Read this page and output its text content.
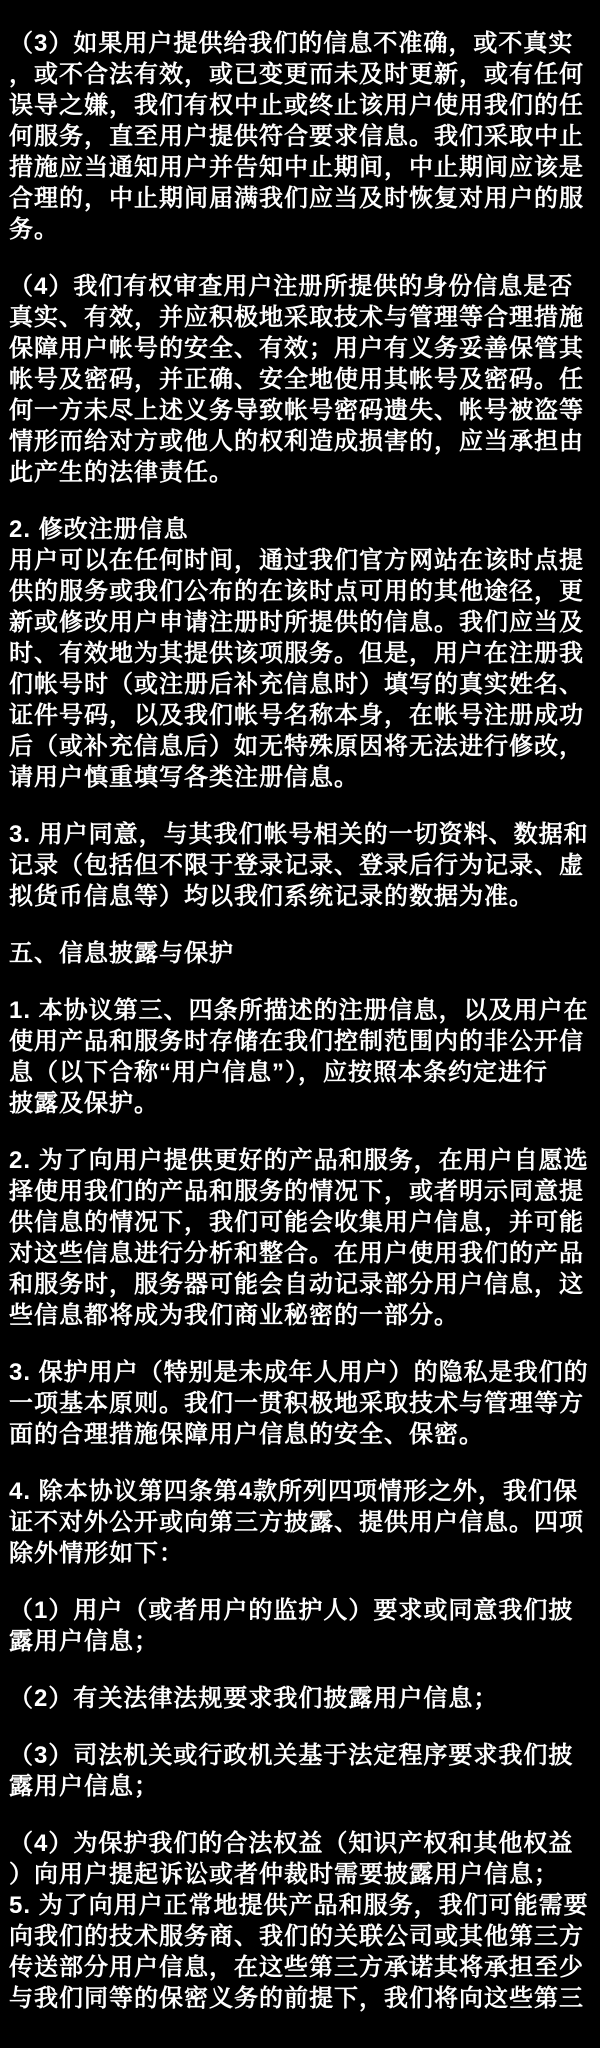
（3）如果用户提供给我们的信息不准确，或不真实
，或不合法有效，或已变更而未及时更新，或有任何
误导之嫌，我们有权中止或终止该用户使用我们的任
何服务，直至用户提供符合要求信息。我们采取中止
措施应当通知用户并告知中止期间，中止期间应该是
合理的，中止期间届满我们应当及时恢复对用户的服
务。
（4）我们有权审查用户注册所提供的身份信息是否
真实、有效，并应积极地采取技术与管理等合理措施
保障用户帐号的安全、有效；用户有义务妥善保管其
帐号及密码，并正确、安全地使用其帐号及密码。任
何一方未尽上述义务导致帐号密码遗失、帐号被盗等
情形而给对方或他人的权利造成损害的，应当承担由
此产生的法律责任。
2. 修改注册信息
用户可以在任何时间，通过我们官方网站在该时点提
供的服务或我们公布的在该时点可用的其他途径，更
新或修改用户申请注册时所提供的信息。我们应当及
时、有效地为其提供该项服务。但是，用户在注册我
们帐号时（或注册后补充信息时）填写的真实姓名、
证件号码，以及我们帐号名称本身，在帐号注册成功
后（或补充信息后）如无特殊原因将无法进行修改，
请用户慎重填写各类注册信息。
3. 用户同意，与其我们帐号相关的一切资料、数据和
记录（包括但不限于登录记录、登录后行为记录、虚
拟货币信息等）均以我们系统记录的数据为准。
五、信息披露与保护
1. 本协议第三、四条所描述的注册信息，以及用户在
使用产品和服务时存储在我们控制范围内的非公开信
息（以下合称“用户信息”），应按照本条约定进行
披露及保护。
2. 为了向用户提供更好的产品和服务，在用户自愿选
择使用我们的产品和服务的情况下，或者明示同意提
供信息的情况下，我们可能会收集用户信息，并可能
对这些信息进行分析和整合。在用户使用我们的产品
和服务时，服务器可能会自动记录部分用户信息，这
些信息都将成为我们商业秘密的一部分。
3. 保护用户（特别是未成年人用户）的隐私是我们的
一项基本原则。我们一贯积极地采取技术与管理等方
面的合理措施保障用户信息的安全、保密。
4. 除本协议第四条第4款所列四项情形之外，我们保
证不对外公开或向第三方披露、提供用户信息。四项
除外情形如下：
（1）用户（或者用户的监护人）要求或同意我们披
露用户信息；
（2）有关法律法规要求我们披露用户信息；
（3）司法机关或行政机关基于法定程序要求我们披
露用户信息；
（4）为保护我们的合法权益（知识产权和其他权益
）向用户提起诉讼或者仲裁时需要披露用户信息；
5. 为了向用户正常地提供产品和服务，我们可能需要
向我们的技术服务商、我们的关联公司或其他第三方
传送部分用户信息，在这些第三方承诺其将承担至少
与我们同等的保密义务的前提下，我们将向这些第三
